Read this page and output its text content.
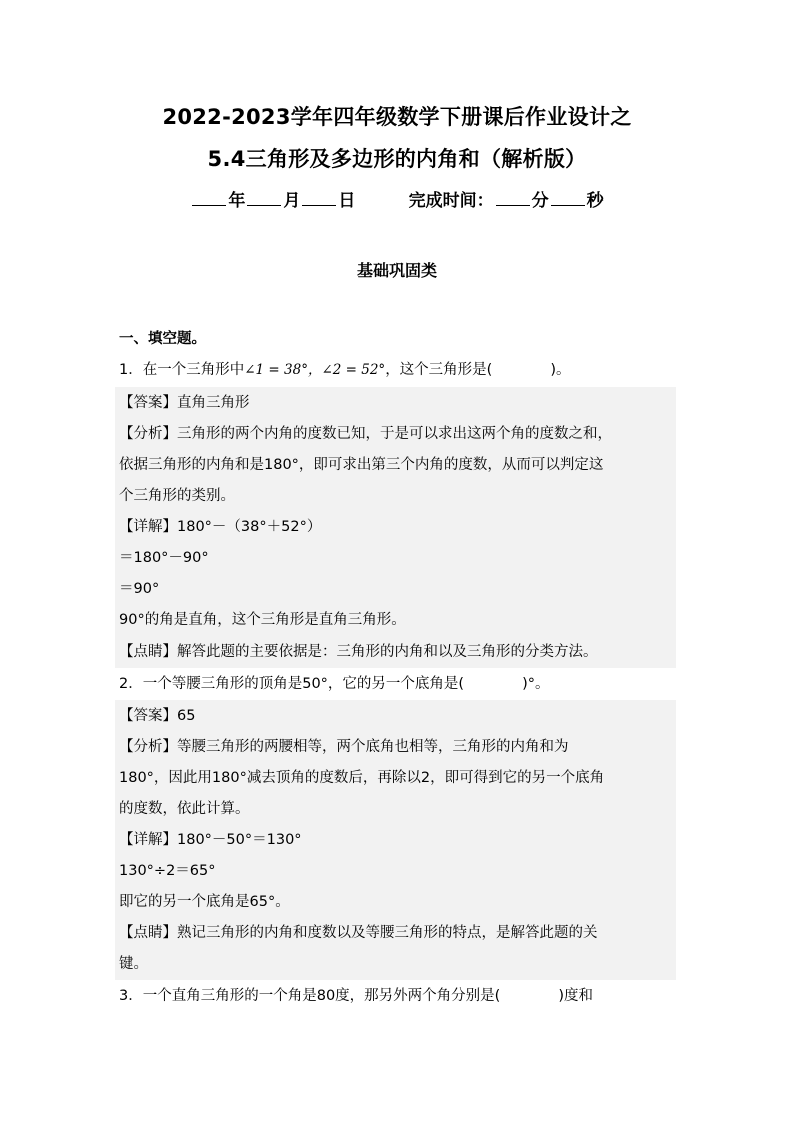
2022-2023学年四年级数学下册课后作业设计之
5.4三角形及多边形的内角和（解析版）
年 月 日	完成时间： 分 秒
基础巩固类
一、填空题。
1．在一个三角形中∠1 = 38°，∠2 = 52°，这个三角形是(	)。
【答案】直角三角形
【分析】三角形的两个内角的度数已知，于是可以求出这两个角的度数之和，
依据三角形的内角和是180°，即可求出第三个内角的度数，从而可以判定这
个三角形的类别。
【详解】180°－（38°＋52°）
＝180°－90°
＝90°
90°的角是直角，这个三角形是直角三角形。
【点睛】解答此题的主要依据是：三角形的内角和以及三角形的分类方法。
2．一个等腰三角形的顶角是50°，它的另一个底角是(	)°。
【答案】65
【分析】等腰三角形的两腰相等，两个底角也相等，三角形的内角和为
180°，因此用180°减去顶角的度数后，再除以2，即可得到它的另一个底角
的度数，依此计算。
【详解】180°－50°＝130°
130°÷2＝65°
即它的另一个底角是65°。
【点睛】熟记三角形的内角和度数以及等腰三角形的特点，是解答此题的关
键。
3．一个直角三角形的一个角是80度，那另外两个角分别是(	)度和
